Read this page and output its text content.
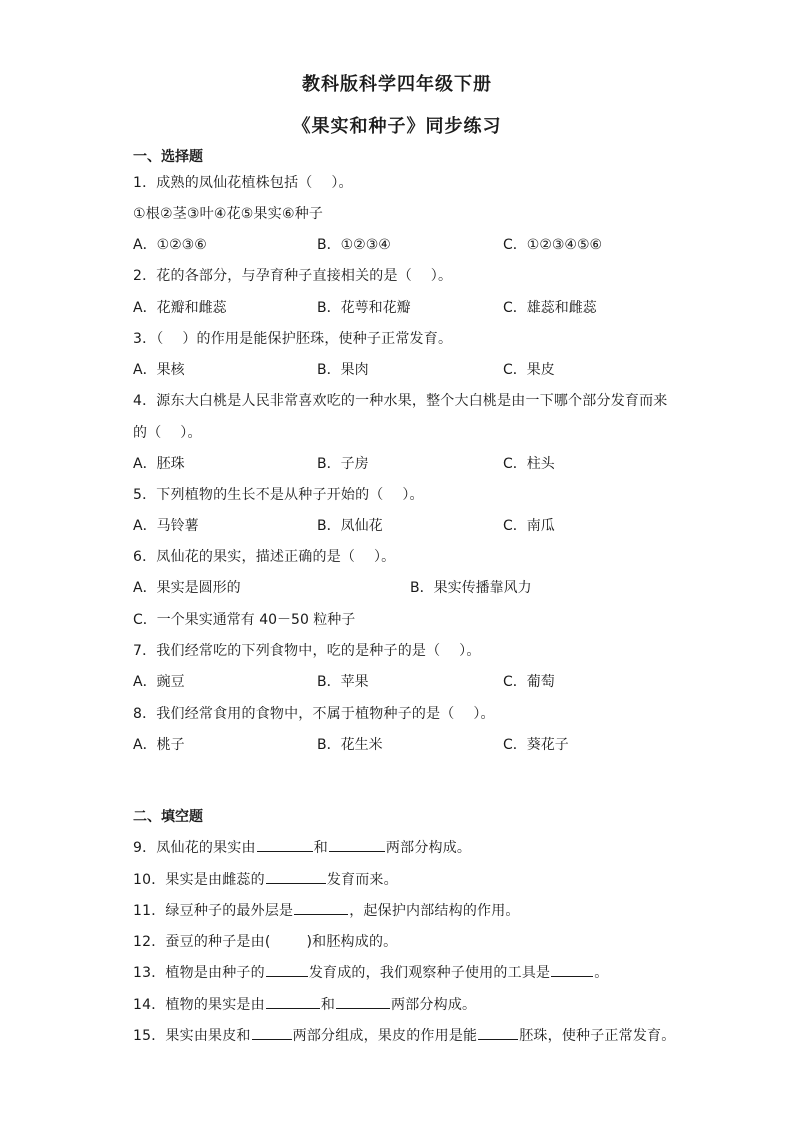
教科版科学四年级下册
《果实和种子》同步练习
一、选择题
1．成熟的凤仙花植株包括（　 ）。
①根②茎③叶④花⑤果实⑥种子
A．①②③⑥	B．①②③④	C．①②③④⑤⑥
2．花的各部分，与孕育种子直接相关的是（　 ）。
A．花瓣和雌蕊	B．花萼和花瓣	C．雄蕊和雌蕊
3．（　 ）的作用是能保护胚珠，使种子正常发育。
A．果核	B．果肉	C．果皮
4．源东大白桃是人民非常喜欢吃的一种水果，整个大白桃是由一下哪个部分发育而来
的（　 ）。
A．胚珠	B．子房	C．柱头
5．下列植物的生长不是从种子开始的（　 ）。
A．马铃薯	B．凤仙花	C．南瓜
6．凤仙花的果实，描述正确的是（　 ）。
A．果实是圆形的	B．果实传播靠风力
C．一个果实通常有 40－50 粒种子
7．我们经常吃的下列食物中，吃的是种子的是（　 ）。
A．豌豆	B．苹果	C．葡萄
8．我们经常食用的食物中，不属于植物种子的是（　 ）。
A．桃子	B．花生米	C．葵花子
二、填空题
9．凤仙花的果实由	和	两部分构成。
10．果实是由雌蕊的	发育而来。
11．绿豆种子的最外层是	，起保护内部结构的作用。
12．蚕豆的种子是由(	)和胚构成的。
13．植物是由种子的	发育成的，我们观察种子使用的工具是	。
14．植物的果实是由	和	两部分构成。
15．果实由果皮和	两部分组成，果皮的作用是能	胚珠，使种子正常发育。
